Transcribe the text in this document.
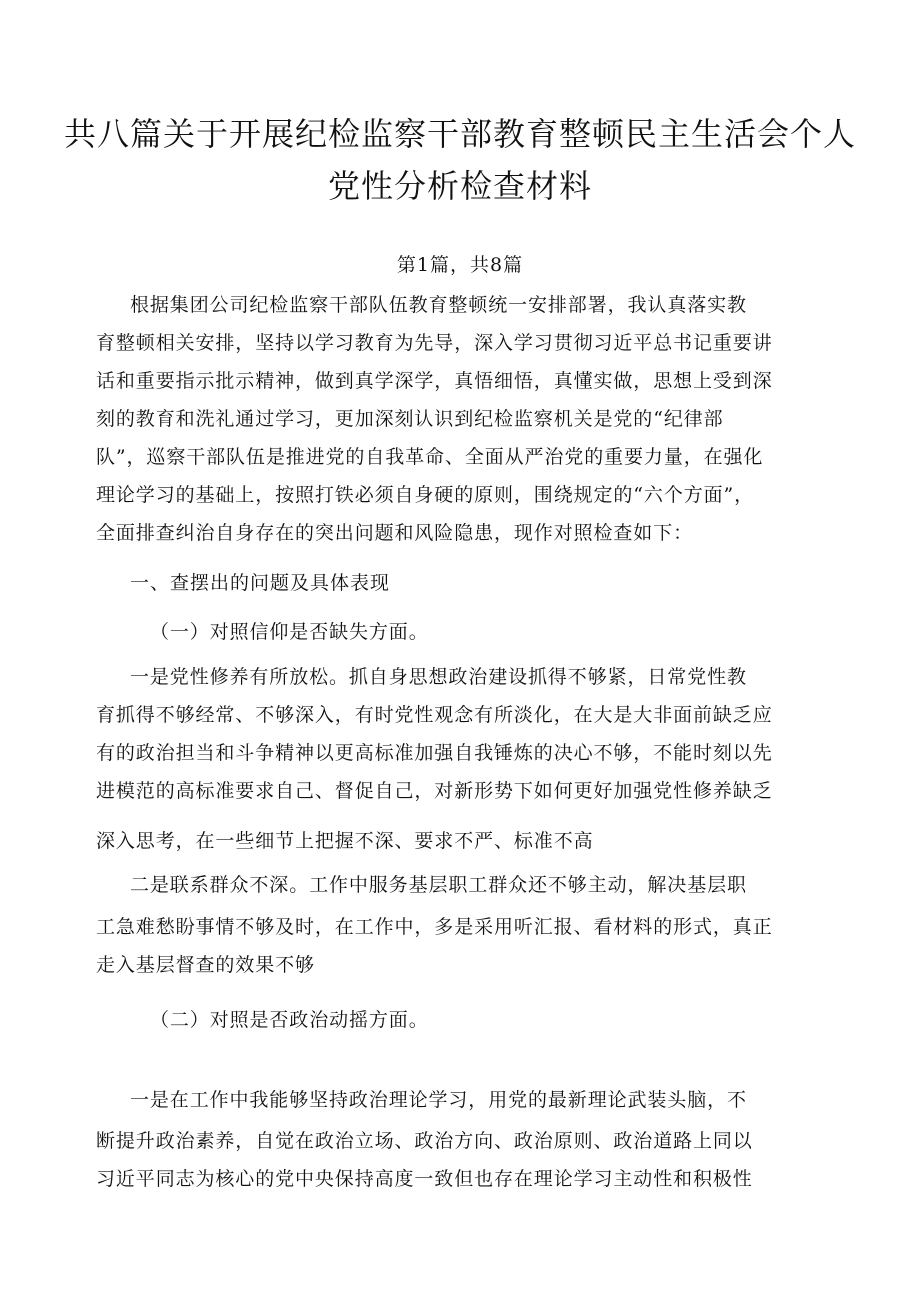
共八篇关于开展纪检监察干部教育整顿民主生活会个人
党性分析检查材料
第1篇，共8篇
根据集团公司纪检监察干部队伍教育整顿统一安排部署，我认真落实教
育整顿相关安排，坚持以学习教育为先导，深入学习贯彻习近平总书记重要讲
话和重要指示批示精神，做到真学深学，真悟细悟，真懂实做，思想上受到深
刻的教育和洗礼通过学习，更加深刻认识到纪检监察机关是党的“纪律部
队”，巡察干部队伍是推进党的自我革命、全面从严治党的重要力量，在强化
理论学习的基础上，按照打铁必须自身硬的原则，围绕规定的“六个方面”，
全面排查纠治自身存在的突出问题和风险隐患，现作对照检查如下：
一、查摆出的问题及具体表现
（一）对照信仰是否缺失方面。
一是党性修养有所放松。抓自身思想政治建设抓得不够紧，日常党性教
育抓得不够经常、不够深入，有时党性观念有所淡化，在大是大非面前缺乏应
有的政治担当和斗争精神以更高标准加强自我锤炼的决心不够，不能时刻以先
进模范的高标准要求自己、督促自己，对新形势下如何更好加强党性修养缺乏
深入思考，在一些细节上把握不深、要求不严、标准不高
二是联系群众不深。工作中服务基层职工群众还不够主动，解决基层职
工急难愁盼事情不够及时，在工作中，多是采用听汇报、看材料的形式，真正
走入基层督查的效果不够
（二）对照是否政治动摇方面。
一是在工作中我能够坚持政治理论学习，用党的最新理论武装头脑，不
断提升政治素养，自觉在政治立场、政治方向、政治原则、政治道路上同以
习近平同志为核心的党中央保持高度一致但也存在理论学习主动性和积极性
